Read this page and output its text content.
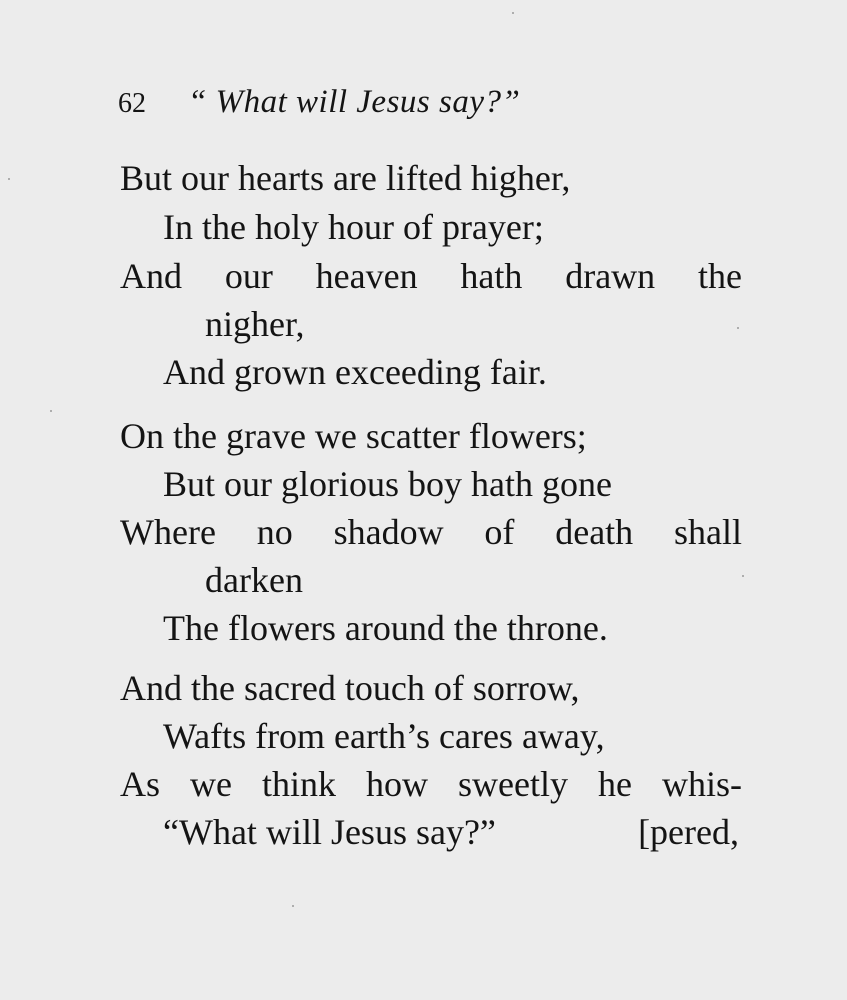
62 “ What will Jesus say?”
But our hearts are lifted higher,
In the holy hour of prayer;
And our heaven hath drawn the
nigher,
And grown exceeding fair.
On the grave we scatter flowers;
But our glorious boy hath gone
Where no shadow of death shall
darken
The flowers around the throne.
And the sacred touch of sorrow,
Wafts from earth’s cares away,
As we think how sweetly he whis-
“What will Jesus say?”	[pered,
